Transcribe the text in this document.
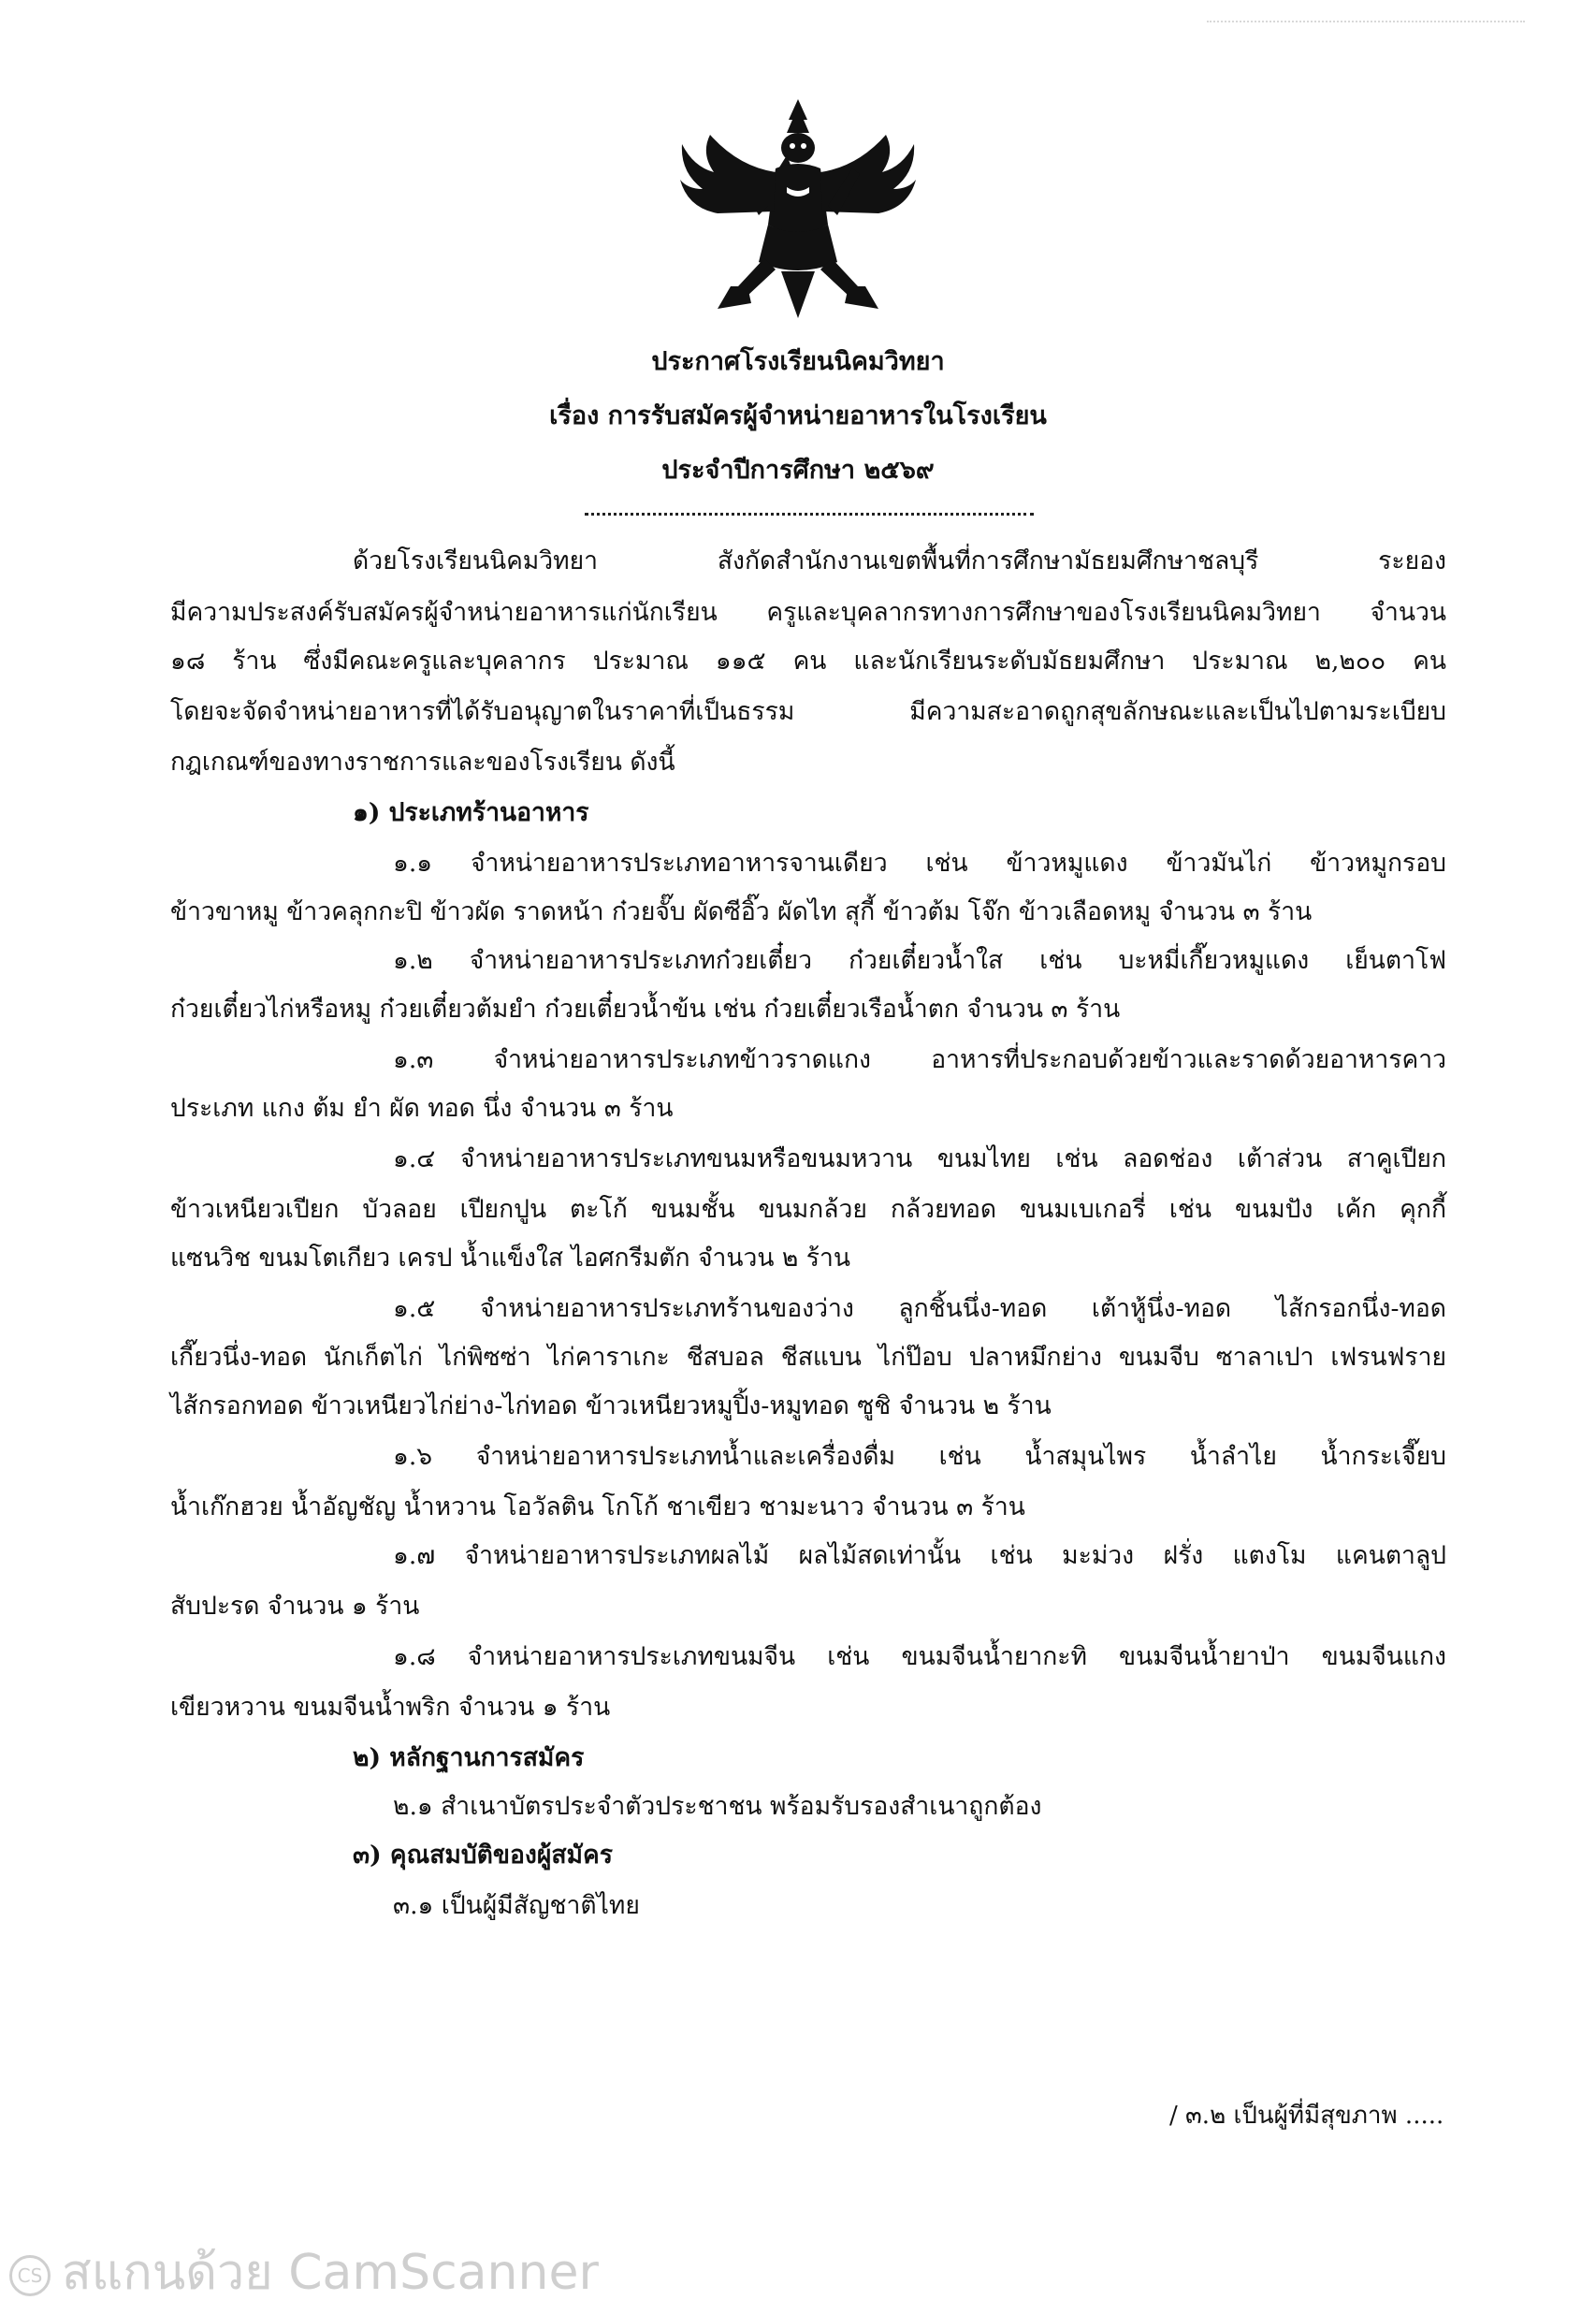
ประกาศโรงเรียนนิคมวิทยา
เรื่อง การรับสมัครผู้จำหน่ายอาหารในโรงเรียน
ประจำปีการศึกษา ๒๕๖๙
ด้วยโรงเรียนนิคมวิทยา สังกัดสำนักงานเขตพื้นที่การศึกษามัธยมศึกษาชลบุรี ระยอง
มีความประสงค์รับสมัครผู้จำหน่ายอาหารแก่นักเรียน ครูและบุคลากรทางการศึกษาของโรงเรียนนิคมวิทยา จำนวน
๑๘ ร้าน ซึ่งมีคณะครูและบุคลากร ประมาณ ๑๑๕ คน และนักเรียนระดับมัธยมศึกษา ประมาณ ๒,๒๐๐ คน
โดยจะจัดจำหน่ายอาหารที่ได้รับอนุญาตในราคาที่เป็นธรรม มีความสะอาดถูกสุขลักษณะและเป็นไปตามระเบียบ
กฎเกณฑ์ของทางราชการและของโรงเรียน ดังนี้
๑) ประเภทร้านอาหาร
๑.๑ จำหน่ายอาหารประเภทอาหารจานเดียว เช่น ข้าวหมูแดง ข้าวมันไก่ ข้าวหมูกรอบ
ข้าวขาหมู ข้าวคลุกกะปิ ข้าวผัด ราดหน้า ก๋วยจั๊บ ผัดซีอิ๊ว ผัดไท สุกี้ ข้าวต้ม โจ๊ก ข้าวเลือดหมู จำนวน ๓ ร้าน
๑.๒ จำหน่ายอาหารประเภทก๋วยเตี๋ยว ก๋วยเตี๋ยวน้ำใส เช่น บะหมี่เกี๊ยวหมูแดง เย็นตาโฟ
ก๋วยเตี๋ยวไก่หรือหมู ก๋วยเตี๋ยวต้มยำ ก๋วยเตี๋ยวน้ำข้น เช่น ก๋วยเตี๋ยวเรือน้ำตก จำนวน ๓ ร้าน
๑.๓ จำหน่ายอาหารประเภทข้าวราดแกง อาหารที่ประกอบด้วยข้าวและราดด้วยอาหารคาว
ประเภท แกง ต้ม ยำ ผัด ทอด นึ่ง จำนวน ๓ ร้าน
๑.๔ จำหน่ายอาหารประเภทขนมหรือขนมหวาน ขนมไทย เช่น ลอดช่อง เต้าส่วน สาคูเปียก
ข้าวเหนียวเปียก บัวลอย เปียกปูน ตะโก้ ขนมชั้น ขนมกล้วย กล้วยทอด ขนมเบเกอรี่ เช่น ขนมปัง เค้ก คุกกี้
แซนวิช ขนมโตเกียว เครป น้ำแข็งใส ไอศกรีมตัก จำนวน ๒ ร้าน
๑.๕ จำหน่ายอาหารประเภทร้านของว่าง ลูกชิ้นนึ่ง-ทอด เต้าหู้นึ่ง-ทอด ไส้กรอกนึ่ง-ทอด
เกี๊ยวนึ่ง-ทอด นักเก็ตไก่ ไก่พิซซ่า ไก่คาราเกะ ชีสบอล ชีสแบน ไก่ป๊อบ ปลาหมึกย่าง ขนมจีบ ซาลาเปา เฟรนฟราย
ไส้กรอกทอด ข้าวเหนียวไก่ย่าง-ไก่ทอด ข้าวเหนียวหมูปิ้ง-หมูทอด ซูชิ จำนวน ๒ ร้าน
๑.๖ จำหน่ายอาหารประเภทน้ำและเครื่องดื่ม เช่น น้ำสมุนไพร น้ำลำไย น้ำกระเจี๊ยบ
น้ำเก๊กฮวย น้ำอัญชัญ น้ำหวาน โอวัลติน โกโก้ ชาเขียว ชามะนาว จำนวน ๓ ร้าน
๑.๗ จำหน่ายอาหารประเภทผลไม้ ผลไม้สดเท่านั้น เช่น มะม่วง ฝรั่ง แตงโม แคนตาลูป
สับปะรด จำนวน ๑ ร้าน
๑.๘ จำหน่ายอาหารประเภทขนมจีน เช่น ขนมจีนน้ำยากะทิ ขนมจีนน้ำยาป่า ขนมจีนแกง
เขียวหวาน ขนมจีนน้ำพริก จำนวน ๑ ร้าน
๒) หลักฐานการสมัคร
๒.๑ สำเนาบัตรประจำตัวประชาชน พร้อมรับรองสำเนาถูกต้อง
๓) คุณสมบัติของผู้สมัคร
๓.๑ เป็นผู้มีสัญชาติไทย
/ ๓.๒ เป็นผู้ที่มีสุขภาพ .....
CS สแกนด้วย CamScanner
